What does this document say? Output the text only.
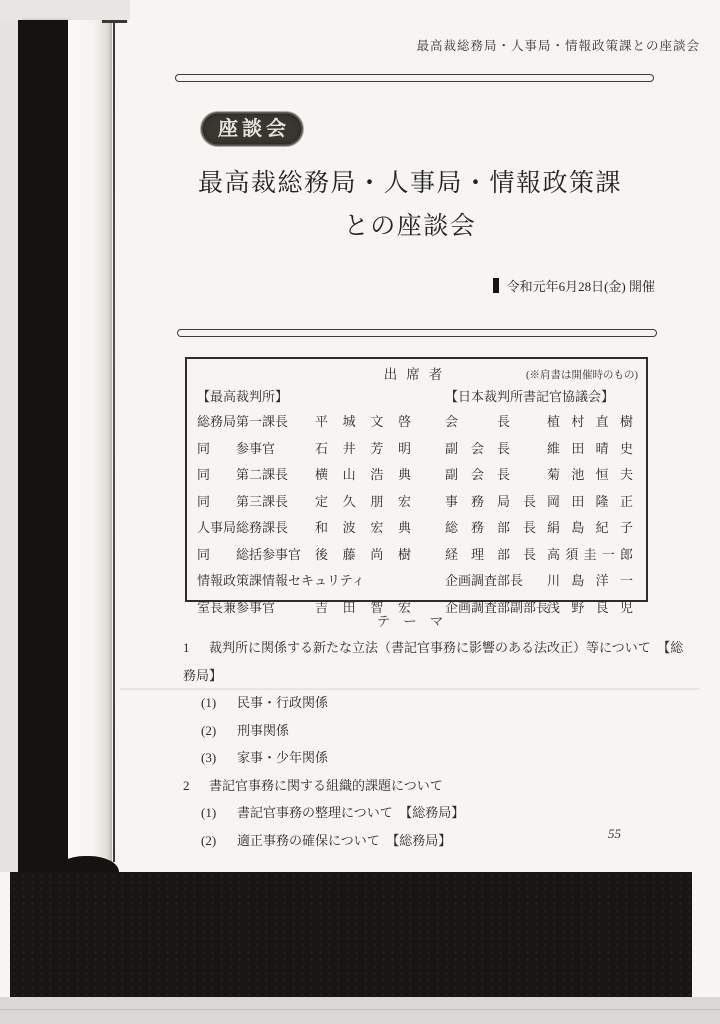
最高裁総務局・人事局・情報政策課との座談会
座談会
最高裁総務局・人事局・情報政策課
との座談会
令和元年6月28日(金) 開催
出席者	(※肩書は開催時のもの)
【最高裁判所】
総務局第一課長 平城文啓
同　　参事官	石井芳明
同　　第二課長 横山浩典
同　　第三課長 定久朋宏
人事局総務課長 和波宏典
同　　総括参事官 後藤尚樹
情報政策課情報セキュリティ
室長兼参事官	吉田智宏
【日本裁判所書記官協議会】
会　　　長	植村直樹
副　会　長	維田晴史
副　会　長	菊池恒夫
事　務　局　長 岡田隆正
総　務　部　長 絹島紀子
経　理　部　長 高須圭一郎
企画調査部長 川島洋一
企画調査部副部長浅野良児
テーマ

1 裁判所に関係する新たな立法（書記官事務に影響のある法改正）等について　【総務局】

(1) 民事・行政関係

(2) 刑事関係

(3) 家事・少年関係

2 書記官事務に関する組織的課題について

(1) 書記官事務の整理について　【総務局】

(2) 適正事務の確保について　【総務局】	55
